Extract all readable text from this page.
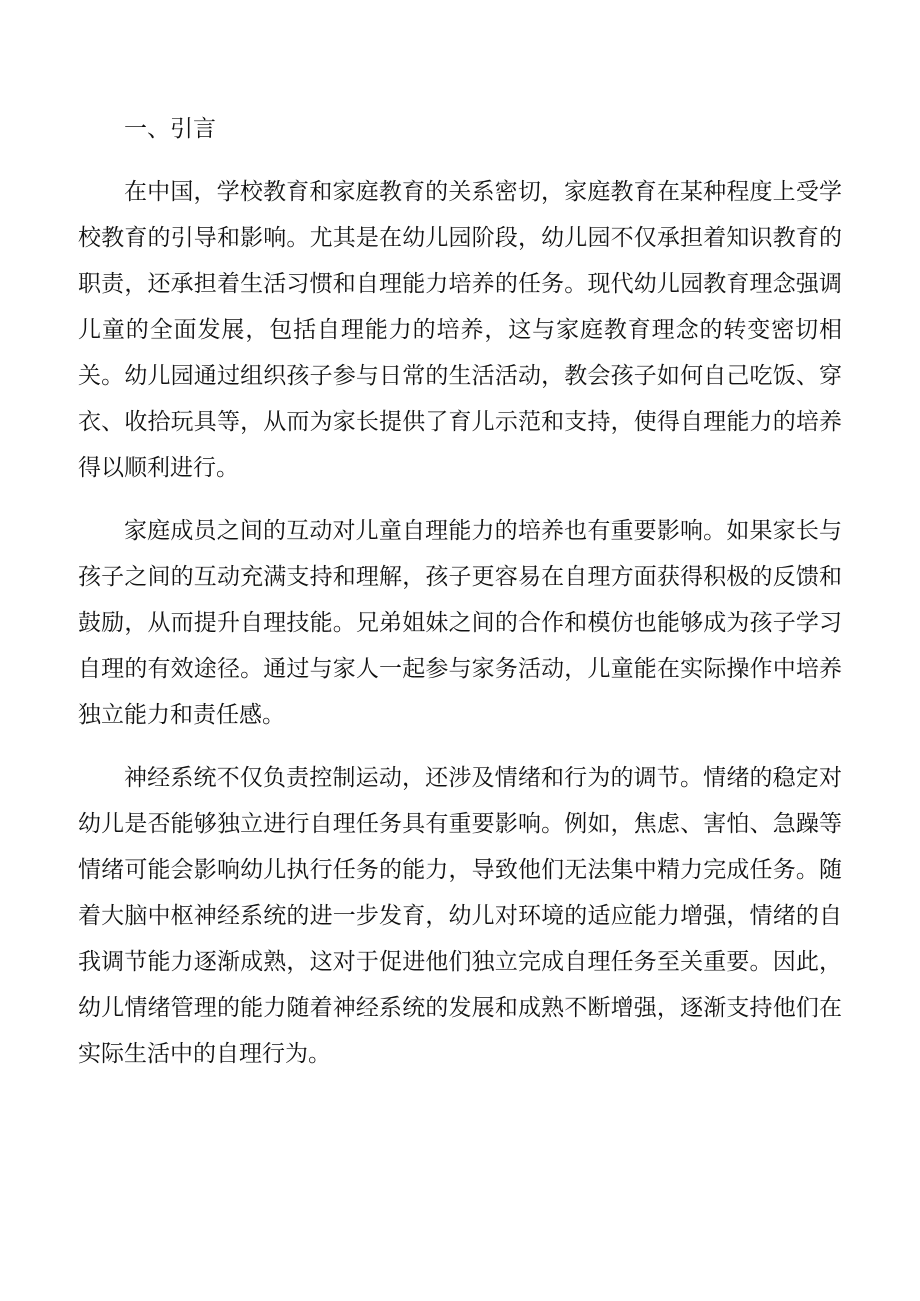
一、引言

在中国，学校教育和家庭教育的关系密切，家庭教育在某种程度上受学校教育的引导和影响。尤其是在幼儿园阶段，幼儿园不仅承担着知识教育的职责，还承担着生活习惯和自理能力培养的任务。现代幼儿园教育理念强调儿童的全面发展，包括自理能力的培养，这与家庭教育理念的转变密切相关。幼儿园通过组织孩子参与日常的生活活动，教会孩子如何自己吃饭、穿衣、收拾玩具等，从而为家长提供了育儿示范和支持，使得自理能力的培养得以顺利进行。

家庭成员之间的互动对儿童自理能力的培养也有重要影响。如果家长与孩子之间的互动充满支持和理解，孩子更容易在自理方面获得积极的反馈和鼓励，从而提升自理技能。兄弟姐妹之间的合作和模仿也能够成为孩子学习自理的有效途径。通过与家人一起参与家务活动，儿童能在实际操作中培养独立能力和责任感。

神经系统不仅负责控制运动，还涉及情绪和行为的调节。情绪的稳定对幼儿是否能够独立进行自理任务具有重要影响。例如，焦虑、害怕、急躁等情绪可能会影响幼儿执行任务的能力，导致他们无法集中精力完成任务。随着大脑中枢神经系统的进一步发育，幼儿对环境的适应能力增强，情绪的自我调节能力逐渐成熟，这对于促进他们独立完成自理任务至关重要。因此，幼儿情绪管理的能力随着神经系统的发展和成熟不断增强，逐渐支持他们在实际生活中的自理行为。
